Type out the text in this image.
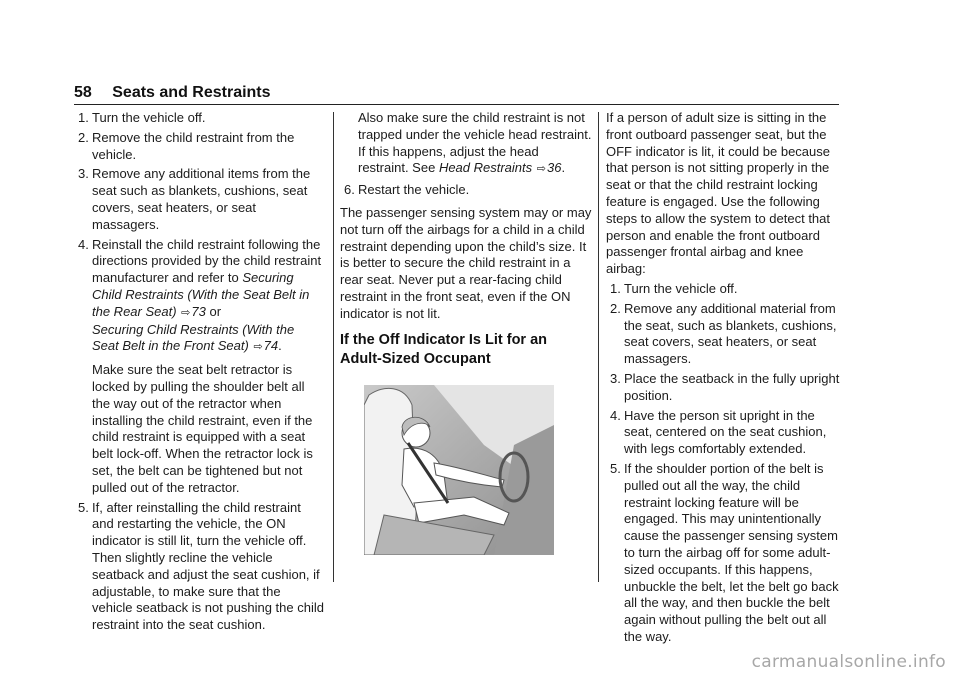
58 Seats and Restraints
1. Turn the vehicle off.
2. Remove the child restraint from the vehicle.
3. Remove any additional items from the seat such as blankets, cushions, seat covers, seat heaters, or seat massagers.
4. Reinstall the child restraint following the directions provided by the child restraint manufacturer and refer to Securing Child Restraints (With the Seat Belt in the Rear Seat) ⇨73 or
Securing Child Restraints (With the Seat Belt in the Front Seat) ⇨74.
Make sure the seat belt retractor is locked by pulling the shoulder belt all the way out of the retractor when installing the child restraint, even if the child restraint is equipped with a seat belt lock-off. When the retractor lock is set, the belt can be tightened but not pulled out of the retractor.
5. If, after reinstalling the child restraint and restarting the vehicle, the ON indicator is still lit, turn the vehicle off. Then slightly recline the vehicle seatback and adjust the seat cushion, if adjustable, to make sure that the vehicle seatback is not pushing the child restraint into the seat cushion.
Also make sure the child restraint is not trapped under the vehicle head restraint. If this happens, adjust the head restraint. See Head Restraints ⇨36.
6. Restart the vehicle.

The passenger sensing system may or may not turn off the airbags for a child in a child restraint depending upon the child’s size. It is better to secure the child restraint in a rear seat. Never put a rear-facing child restraint in the front seat, even if the ON indicator is not lit.

If the Off Indicator Is Lit for an Adult-Sized Occupant

If a person of adult size is sitting in the front outboard passenger seat, but the OFF indicator is lit, it could be because that person is not sitting properly in the seat or that the child restraint locking feature is engaged. Use the following steps to allow the system to detect that person and enable the front outboard passenger frontal airbag and knee airbag:

1. Turn the vehicle off.
2. Remove any additional material from the seat, such as blankets, cushions, seat covers, seat heaters, or seat massagers.
3. Place the seatback in the fully upright position.
4. Have the person sit upright in the seat, centered on the seat cushion, with legs comfortably extended.
5. If the shoulder portion of the belt is pulled out all the way, the child restraint locking feature will be engaged. This may unintentionally cause the passenger sensing system to turn the airbag off for some adult-sized occupants. If this happens, unbuckle the belt, let the belt go back all the way, and then buckle the belt again without pulling the belt out all the way.
carmanualsonline.info
